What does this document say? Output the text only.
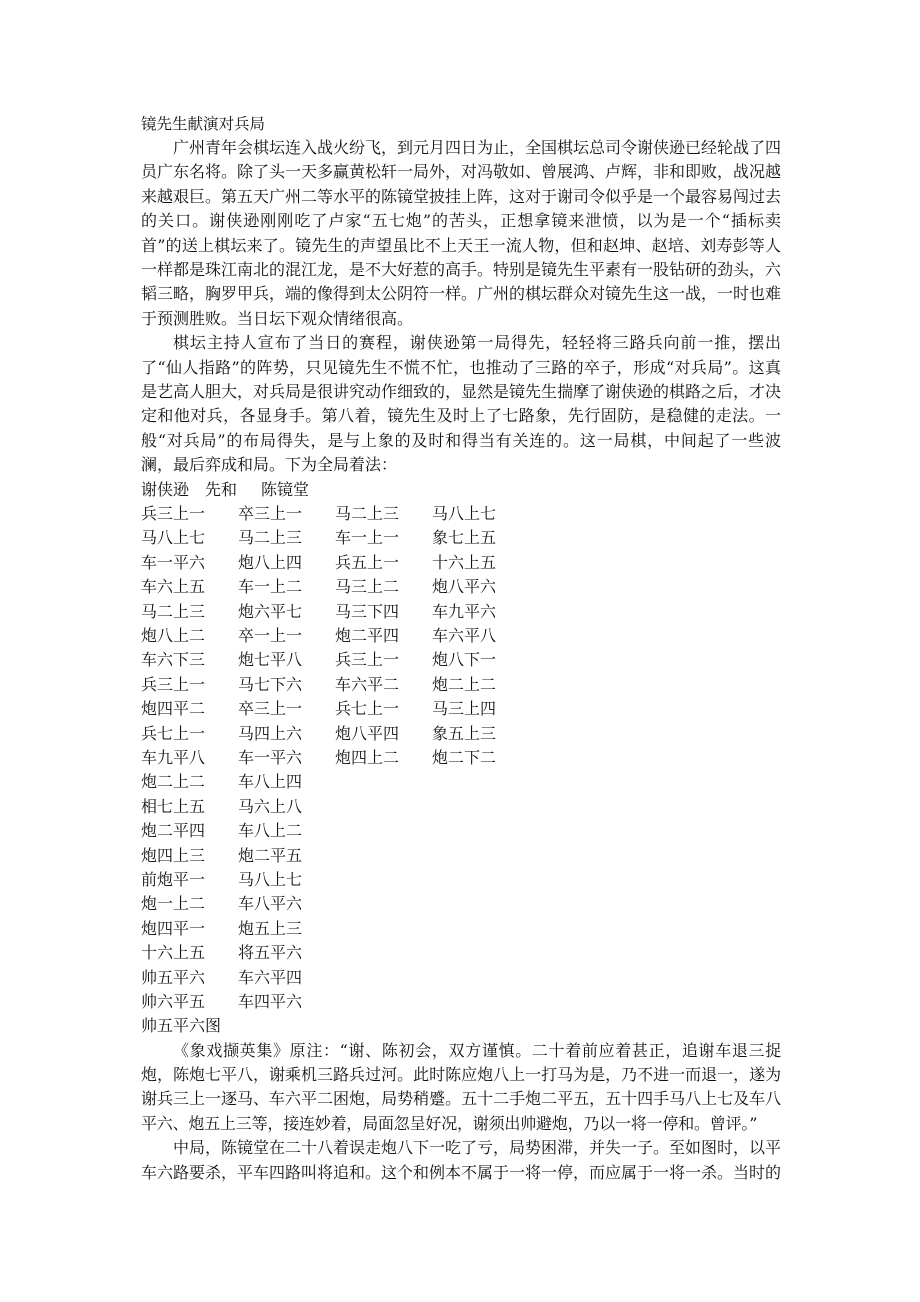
镜先生献演对兵局

广州青年会棋坛连入战火纷飞，到元月四日为止，全国棋坛总司令谢侠逊已经轮战了四员广东名将。除了头一天多赢黄松轩一局外，对冯敬如、曾展鸿、卢辉，非和即败，战况越来越艰巨。第五天广州二等水平的陈镜堂披挂上阵，这对于谢司令似乎是一个最容易闯过去的关口。谢侠逊刚刚吃了卢家“五七炮”的苦头，正想拿镜来泄愤，以为是一个“插标卖首”的送上棋坛来了。镜先生的声望虽比不上天王一流人物，但和赵坤、赵培、刘寿彭等人一样都是珠江南北的混江龙，是不大好惹的高手。特别是镜先生平素有一股钻研的劲头，六韬三略，胸罗甲兵，端的像得到太公阴符一样。广州的棋坛群众对镜先生这一战，一时也难于预测胜败。当日坛下观众情绪很高。

棋坛主持人宣布了当日的赛程，谢侠逊第一局得先，轻轻将三路兵向前一推，摆出了“仙人指路”的阵势，只见镜先生不慌不忙，也推动了三路的卒子，形成“对兵局”。这真是艺高人胆大，对兵局是很讲究动作细致的，显然是镜先生揣摩了谢侠逊的棋路之后，才决定和他对兵，各显身手。第八着，镜先生及时上了七路象，先行固防，是稳健的走法。一般“对兵局”的布局得失，是与上象的及时和得当有关连的。这一局棋，中间起了一些波澜，最后弈成和局。下为全局着法：

谢侠逊 先和 陈镜堂
兵三上一 卒三上一 马二上三 马八上七
马八上七 马二上三 车一上一 象七上五
车一平六 炮八上四 兵五上一 十六上五
车六上五 车一上二 马三上二 炮八平六
马二上三 炮六平七 马三下四 车九平六
炮八上二 卒一上一 炮二平四 车六平八
车六下三 炮七平八 兵三上一 炮八下一
兵三上一 马七下六 车六平二 炮二上二
炮四平二 卒三上一 兵七上一 马三上四
兵七上一 马四上六 炮八平四 象五上三
车九平八 车一平六 炮四上二 炮二下二
炮二上二 车八上四
相七上五 马六上八
炮二平四 车八上二
炮四上三 炮二平五
前炮平一 马八上七
炮一上二 车八平六
炮四平一 炮五上三
十六上五 将五平六
帅五平六 车六平四
帅六平五 车四平六
帅五平六图

《象戏撷英集》原注：“谢、陈初会，双方谨慎。二十着前应着甚正，追谢车退三捉炮，陈炮七平八，谢乘机三路兵过河。此时陈应炮八上一打马为是，乃不进一而退一，遂为谢兵三上一逐马、车六平二困炮，局势稍蹙。五十二手炮二平五，五十四手马八上七及车八平六、炮五上三等，接连妙着，局面忽呈好况，谢须出帅避炮，乃以一将一停和。曾评。”

中局，陈镜堂在二十八着误走炮八下一吃了亏，局势困滞，并失一子。至如图时，以平车六路要杀，平车四路叫将追和。这个和例本不属于一将一停，而应属于一将一杀。当时的
